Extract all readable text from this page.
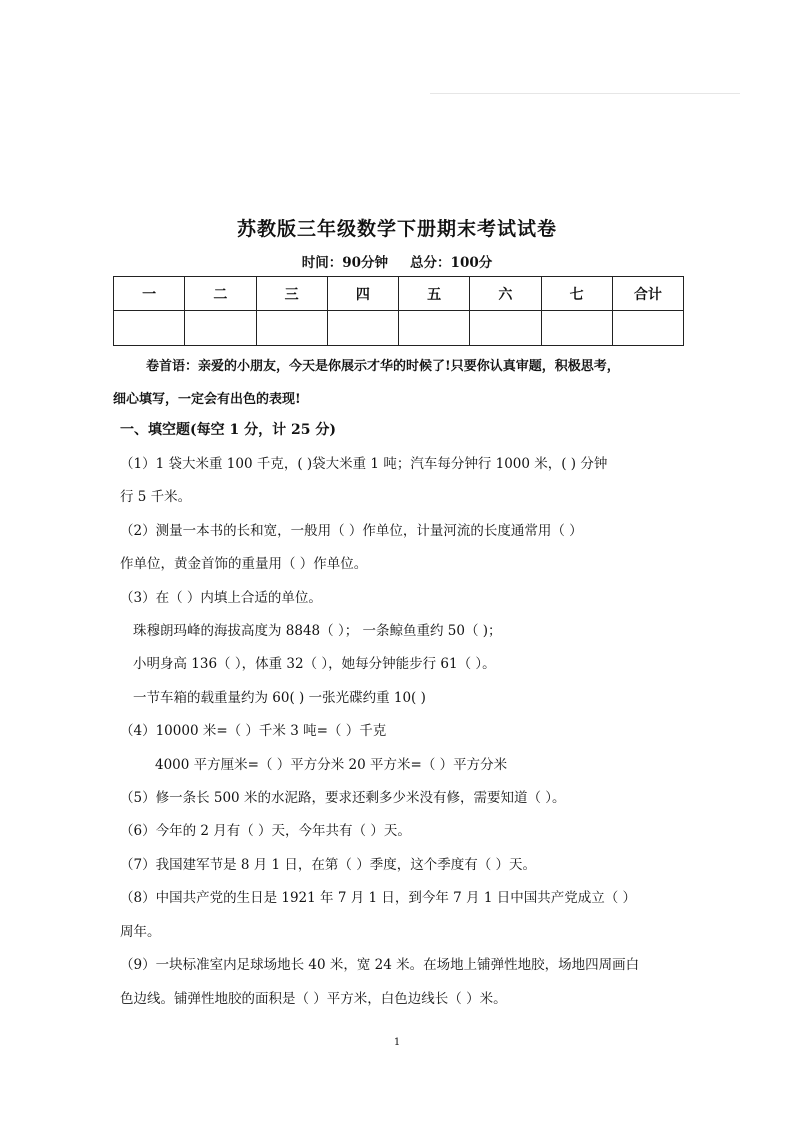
苏教版三年级数学下册期末考试试卷
时间：90分钟 总分：100分
一	二	三	四	五	六	七	合计

卷首语：亲爱的小朋友，今天是你展示才华的时候了!只要你认真审题，积极思考，
细心填写，一定会有出色的表现!
一、填空题(每空 1 分，计 25 分)
（1）1 袋大米重 100 千克，( )袋大米重 1 吨；汽车每分钟行 1000 米，( ) 分钟
行 5 千米。
（2）测量一本书的长和宽，一般用（ ）作单位，计量河流的长度通常用（ ）
作单位，黄金首饰的重量用（ ）作单位。
（3）在（ ）内填上合适的单位。
珠穆朗玛峰的海拔高度为 8848（ ）； 一条鲸鱼重约 50（ )；
小明身高 136（ ），体重 32（ ），她每分钟能步行 61（ ）。
一节车箱的载重量约为 60( ) 一张光碟约重 10( )
（4）10000 米=（ ）千米 3 吨=（ ）千克
4000 平方厘米=（ ）平方分米 20 平方米=（ ）平方分米
（5）修一条长 500 米的水泥路，要求还剩多少米没有修，需要知道（ ）。
（6）今年的 2 月有（ ）天，今年共有（ ）天。
（7）我国建军节是 8 月 1 日，在第（ ）季度，这个季度有（ ）天。
（8）中国共产党的生日是 1921 年 7 月 1 日，到今年 7 月 1 日中国共产党成立（ ）
周年。
（9）一块标准室内足球场地长 40 米，宽 24 米。在场地上铺弹性地胶，场地四周画白
色边线。铺弹性地胶的面积是（ ）平方米，白色边线长（ ）米。
1
